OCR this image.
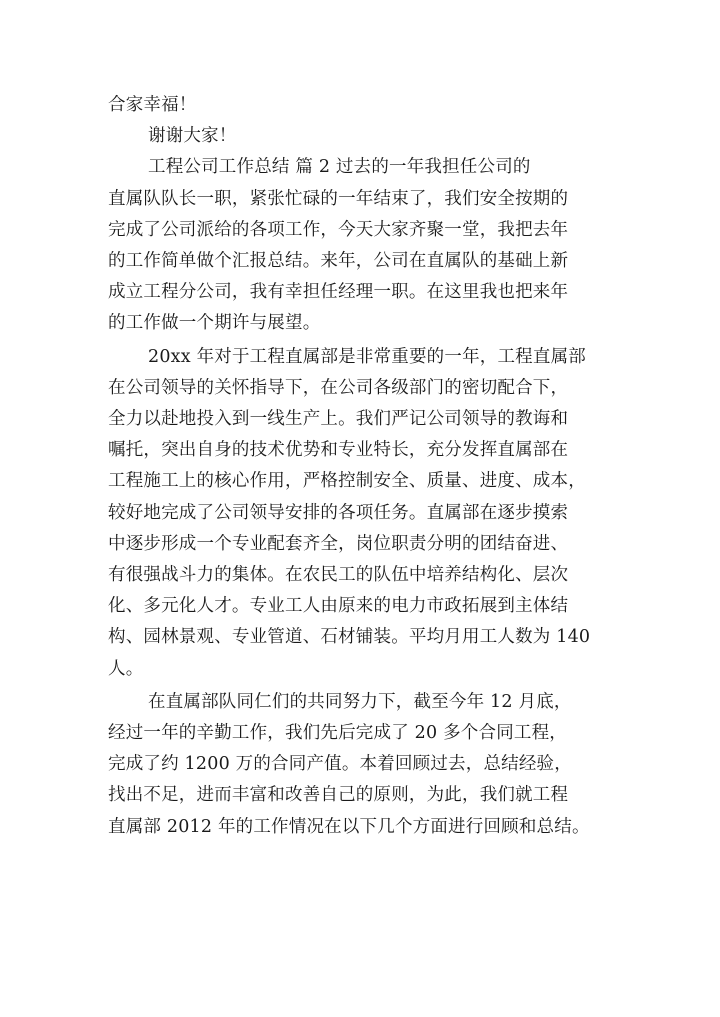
合家幸福！
谢谢大家！
工程公司工作总结 篇 2 过去的一年我担任公司的
直属队队长一职，紧张忙碌的一年结束了，我们安全按期的
完成了公司派给的各项工作，今天大家齐聚一堂，我把去年
的工作简单做个汇报总结。来年，公司在直属队的基础上新
成立工程分公司，我有幸担任经理一职。在这里我也把来年
的工作做一个期许与展望。
20xx 年对于工程直属部是非常重要的一年，工程直属部
在公司领导的关怀指导下，在公司各级部门的密切配合下，
全力以赴地投入到一线生产上。我们严记公司领导的教诲和
嘱托，突出自身的技术优势和专业特长，充分发挥直属部在
工程施工上的核心作用，严格控制安全、质量、进度、成本，
较好地完成了公司领导安排的各项任务。直属部在逐步摸索
中逐步形成一个专业配套齐全，岗位职责分明的团结奋进、
有很强战斗力的集体。在农民工的队伍中培养结构化、层次
化、多元化人才。专业工人由原来的电力市政拓展到主体结
构、园林景观、专业管道、石材铺装。平均月用工人数为 140
人。
在直属部队同仁们的共同努力下，截至今年 12 月底，
经过一年的辛勤工作，我们先后完成了 20 多个合同工程，
完成了约 1200 万的合同产值。本着回顾过去，总结经验，
找出不足，进而丰富和改善自己的原则，为此，我们就工程
直属部 2012 年的工作情况在以下几个方面进行回顾和总结。
